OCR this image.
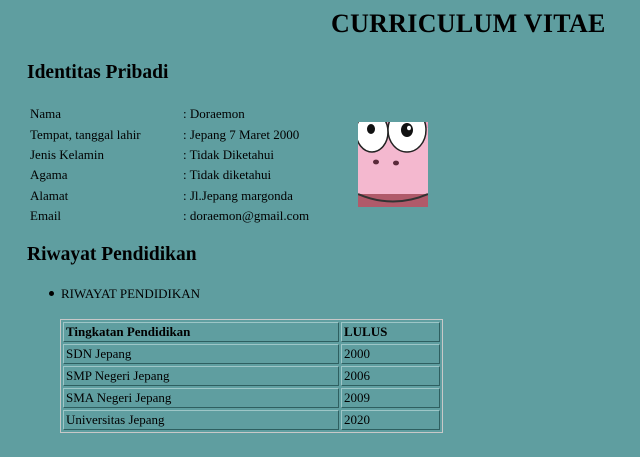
CURRICULUM VITAE
Identitas Pribadi
Nama	: Doraemon
Tempat, tanggal lahir	: Jepang 7 Maret 2000
Jenis Kelamin	: Tidak Diketahui
Agama	: Tidak diketahui
Alamat	: Jl.Jepang margonda
Email	: doraemon@gmail.com
Riwayat Pendidikan
RIWAYAT PENDIDIKAN
Tingkatan Pendidikan	LULUS
SDN Jepang	2000
SMP Negeri Jepang	2006
SMA Negeri Jepang	2009
Universitas Jepang	2020
